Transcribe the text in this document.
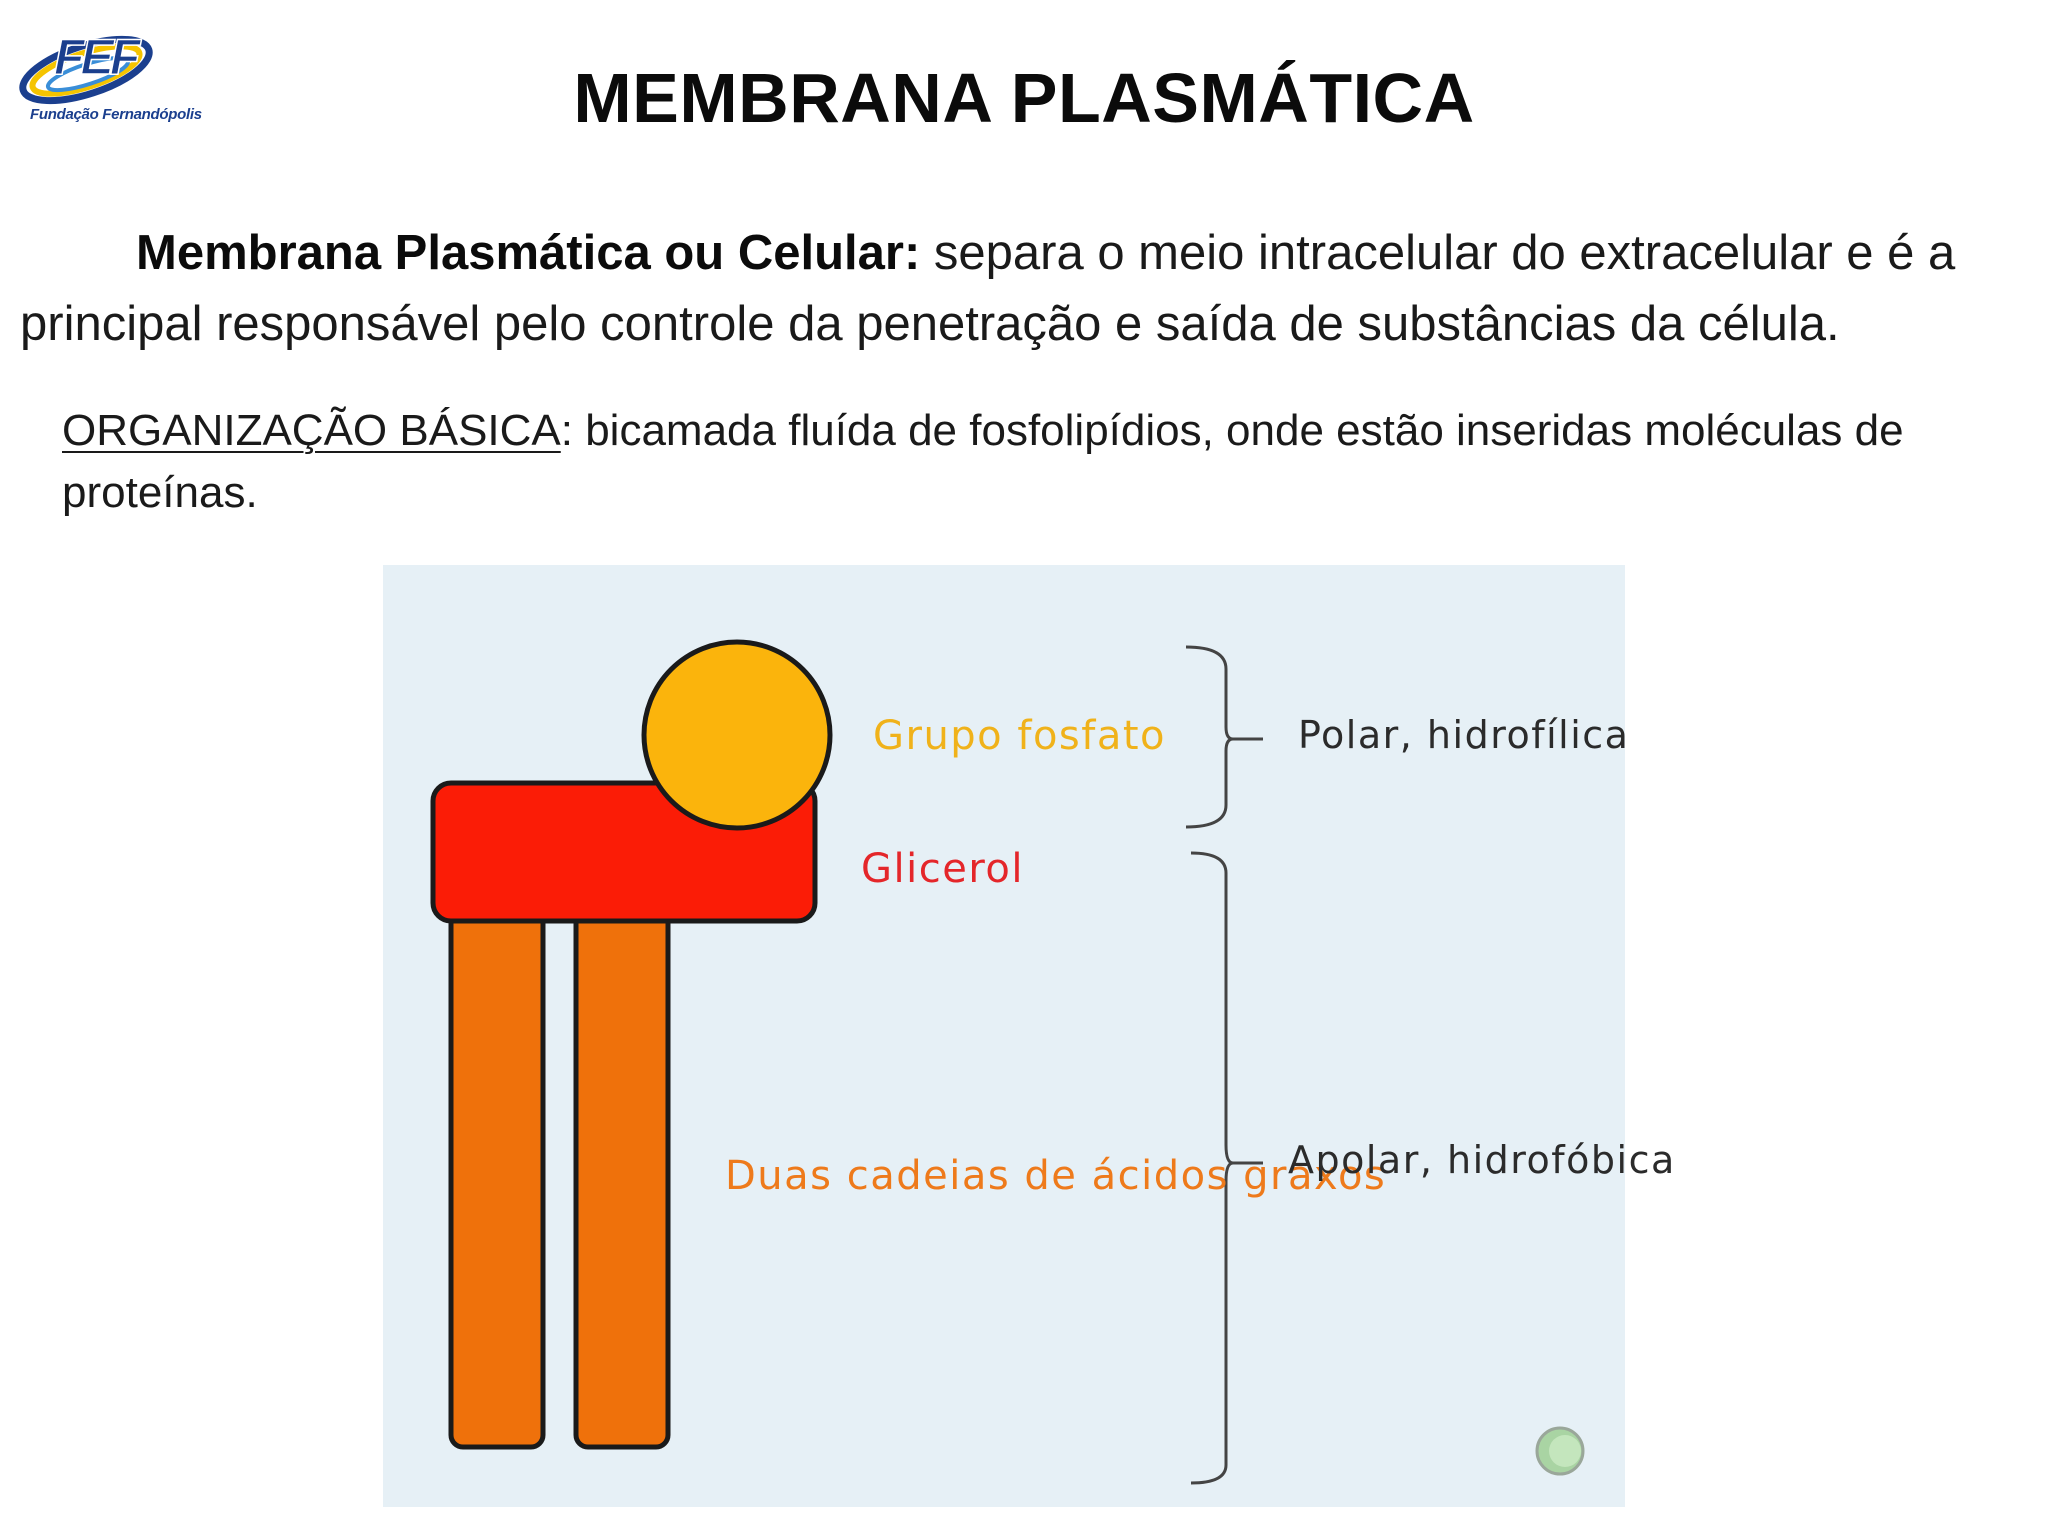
FEF
Fundação Fernandópolis	MEMBRANA PLASMÁTICA
Membrana Plasmática ou Celular: separa o meio intracelular do extracelular e é a principal responsável pelo controle da penetração e saída de substâncias da célula.
ORGANIZAÇÃO BÁSICA: bicamada fluída de fosfolipídios, onde estão inseridas moléculas de proteínas.
Grupo fosfato
Glicerol
Duas cadeias de ácidos graxos
Polar, hidrofílica
Apolar, hidrofóbica
